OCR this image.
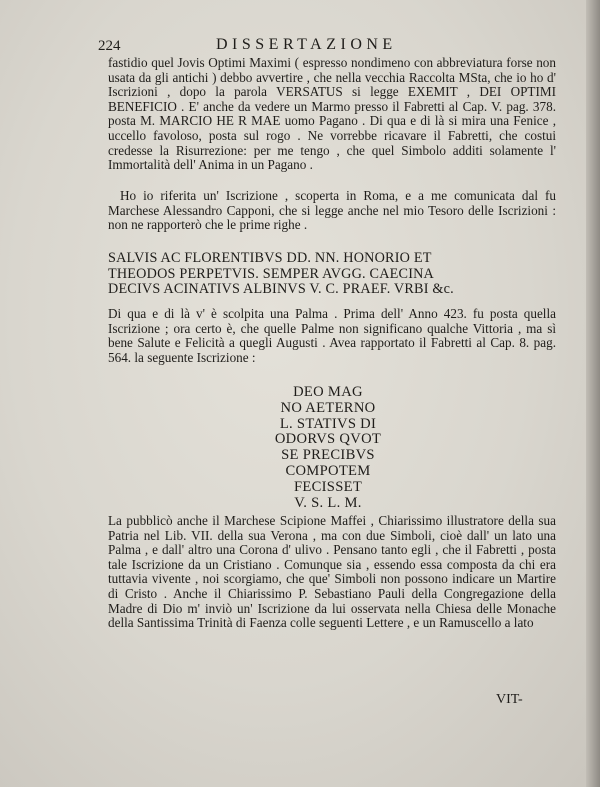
224	DISSERTAZIONE

fastidio quel Jovis Optimi Maximi ( espresso nondimeno con abbreviatura forse non usata da gli antichi ) debbo avvertire , che nella vecchia Raccolta MSta, che io ho d' Iscrizioni , dopo la parola VERSATUS si legge EXEMIT , DEI OPTIMI BENEFICIO . E' anche da vedere un Marmo presso il Fabretti al Cap. V. pag. 378. posta M. MARCIO HE R MAE uomo Pagano . Di qua e di là si mira una Fenice , uccello favoloso, posta sul rogo . Ne vorrebbe ricavare il Fabretti, che costui credesse la Risurrezione: per me tengo , che quel Simbolo additi solamente l' Immortalità dell' Anima in un Pagano .

Ho io riferita un' Iscrizione , scoperta in Roma, e a me comunicata dal fu Marchese Alessandro Capponi, che si legge anche nel mio Tesoro delle Iscrizioni : non ne rapporterò che le prime righe .

SALVIS AC FLORENTIBVS DD. NN. HONORIO ET
THEODOS PERPETVIS. SEMPER AVGG. CAECINA
DECIVS ACINATIVS ALBINVS V. C. PRAEF. VRBI &c.

Di qua e di là v' è scolpita una Palma . Prima dell' Anno 423. fu posta quella Iscrizione ; ora certo è, che quelle Palme non significano qualche Vittoria , ma sì bene Salute e Felicità a quegli Augusti . Avea rapportato il Fabretti al Cap. 8. pag. 564. la seguente Iscrizione :

DEO MAG
NO AETERNO
L. STATIVS DI
ODORVS QVOT
SE PRECIBVS
COMPOTEM
FECISSET
V. S. L. M.

La pubblicò anche il Marchese Scipione Maffei , Chiarissimo illustratore della sua Patria nel Lib. VII. della sua Verona , ma con due Simboli, cioè dall' un lato una Palma , e dall' altro una Corona d' ulivo . Pensano tanto egli , che il Fabretti , posta tale Iscrizione da un Cristiano . Comunque sia , essendo essa composta da chi era tuttavia vivente , noi scorgiamo, che que' Simboli non possono indicare un Martire di Cristo . Anche il Chiarissimo P. Sebastiano Pauli della Congregazione della Madre di Dio m' inviò un' Iscrizione da lui osservata nella Chiesa delle Monache della Santissima Trinità di Faenza colle seguenti Lettere , e un Ramuscello a lato

VIT-
